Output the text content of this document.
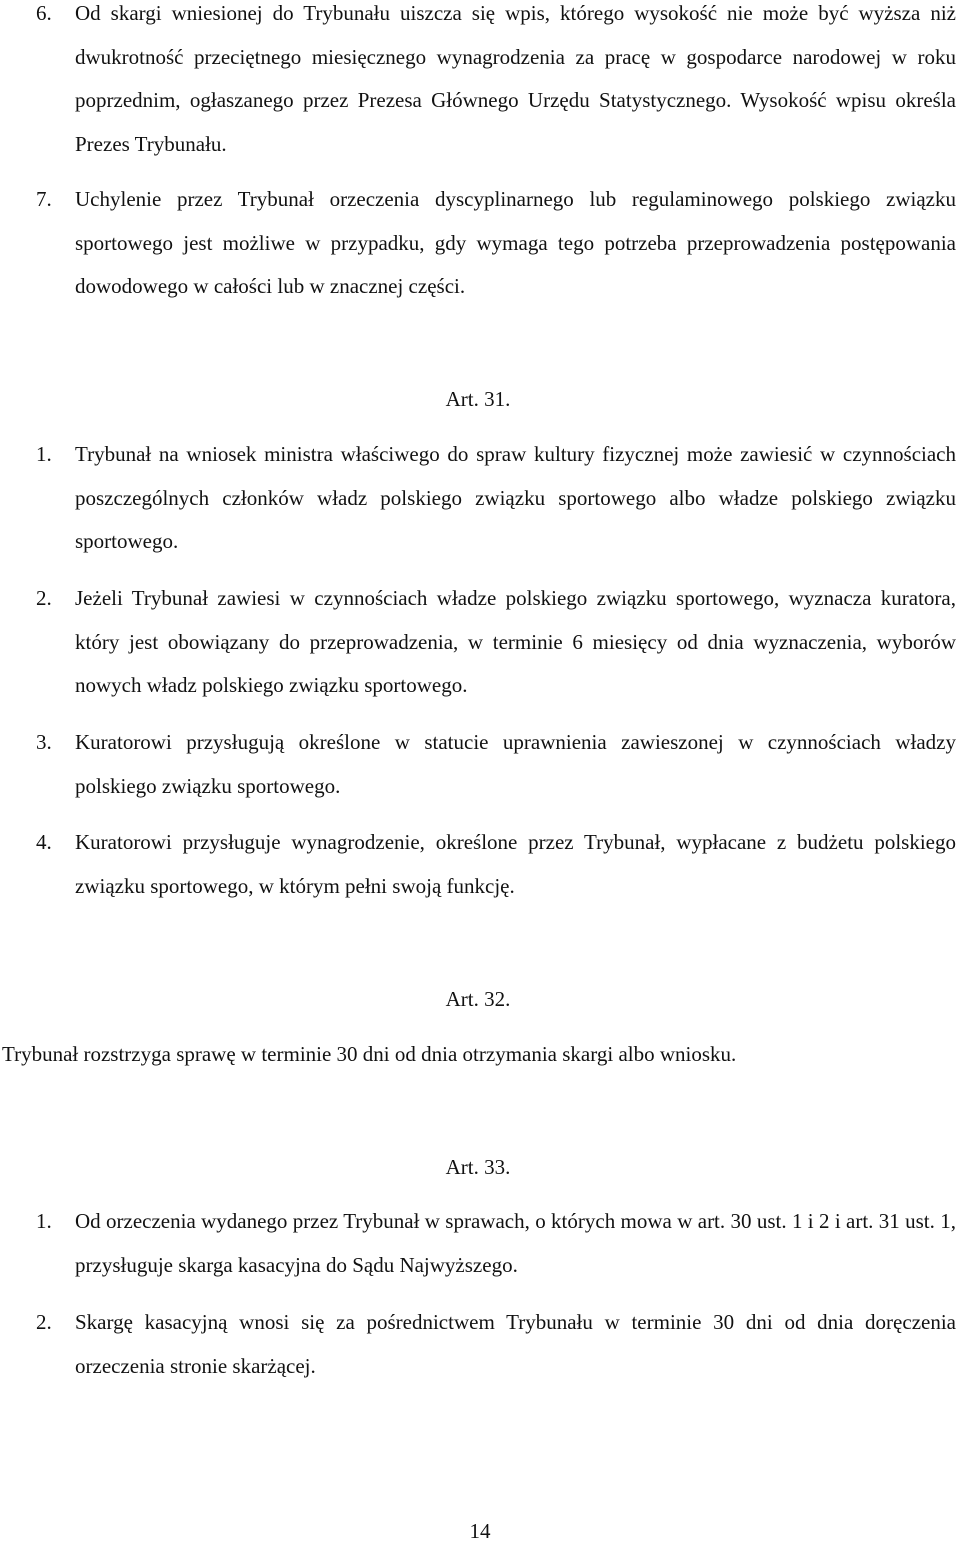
6. Od skargi wniesionej do Trybunału uiszcza się wpis, którego wysokość nie może być wyższa niż dwukrotność przeciętnego miesięcznego wynagrodzenia za pracę w gospodarce narodowej w roku poprzednim, ogłaszanego przez Prezesa Głównego Urzędu Statystycznego. Wysokość wpisu określa Prezes Trybunału.
7. Uchylenie przez Trybunał orzeczenia dyscyplinarnego lub regulaminowego polskiego związku sportowego jest możliwe w przypadku, gdy wymaga tego potrzeba przeprowadzenia postępowania dowodowego w całości lub w znacznej części.
Art. 31.
1. Trybunał na wniosek ministra właściwego do spraw kultury fizycznej może zawiesić w czynnościach poszczególnych członków władz polskiego związku sportowego albo władze polskiego związku sportowego.
2. Jeżeli Trybunał zawiesi w czynnościach władze polskiego związku sportowego, wyznacza kuratora, który jest obowiązany do przeprowadzenia, w terminie 6 miesięcy od dnia wyznaczenia, wyborów nowych władz polskiego związku sportowego.
3. Kuratorowi przysługują określone w statucie uprawnienia zawieszonej w czynnościach władzy polskiego związku sportowego.
4. Kuratorowi przysługuje wynagrodzenie, określone przez Trybunał, wypłacane z budżetu polskiego związku sportowego, w którym pełni swoją funkcję.
Art. 32.
Trybunał rozstrzyga sprawę w terminie 30 dni od dnia otrzymania skargi albo wniosku.
Art. 33.
1. Od orzeczenia wydanego przez Trybunał w sprawach, o których mowa w art. 30 ust. 1 i 2 i art. 31 ust. 1, przysługuje skarga kasacyjna do Sądu Najwyższego.
2. Skargę kasacyjną wnosi się za pośrednictwem Trybunału w terminie 30 dni od dnia doręczenia orzeczenia stronie skarżącej.
14
